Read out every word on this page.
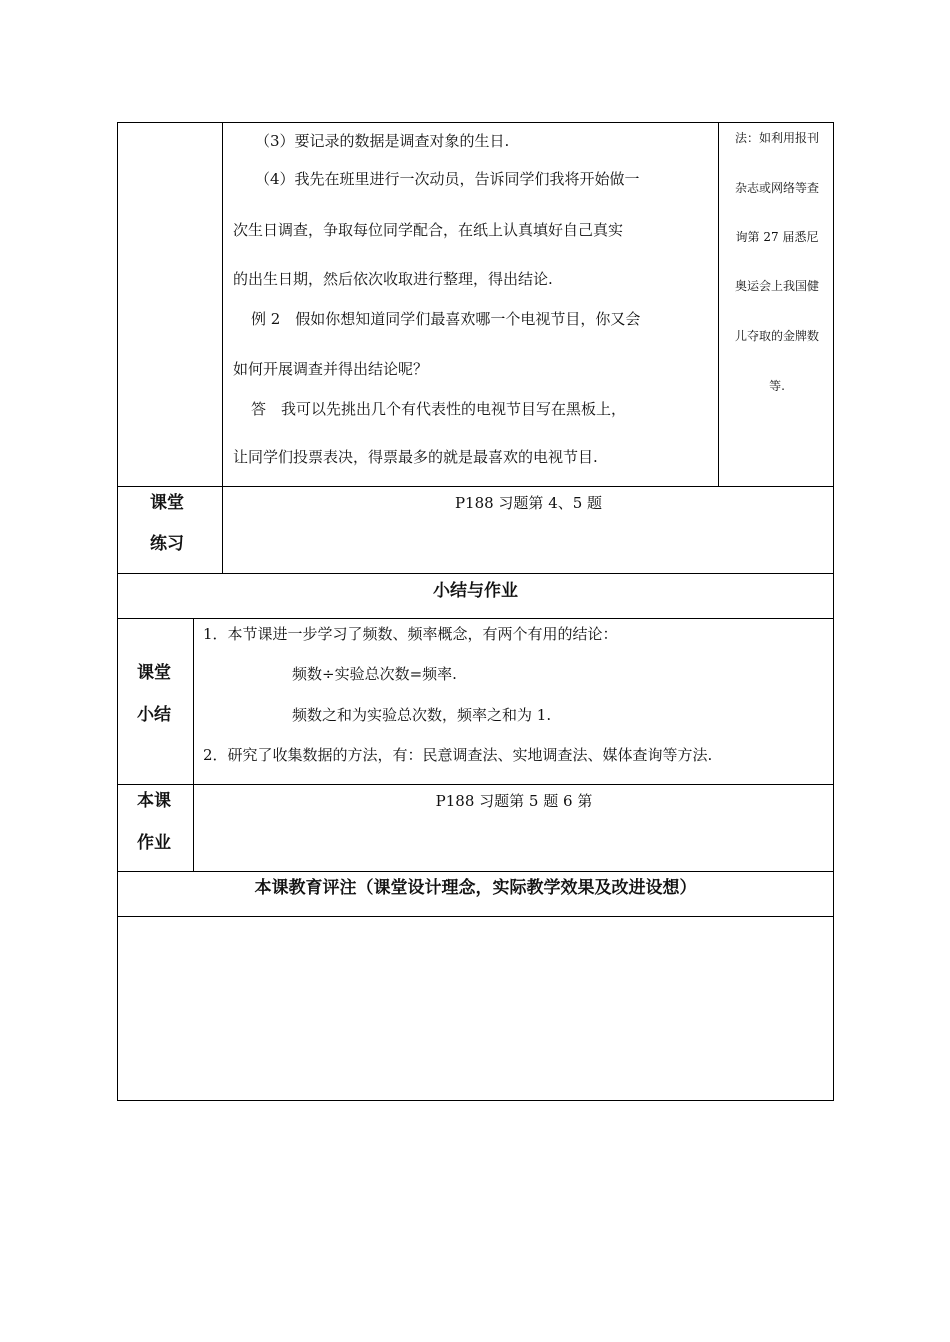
（3）要记录的数据是调查对象的生日.
（4）我先在班里进行一次动员，告诉同学们我将开始做一
次生日调查，争取每位同学配合，在纸上认真填好自己真实
的出生日期，然后依次收取进行整理，得出结论.
例 2　假如你想知道同学们最喜欢哪一个电视节目，你又会
如何开展调查并得出结论呢？
答　我可以先挑出几个有代表性的电视节目写在黑板上，
让同学们投票表决，得票最多的就是最喜欢的电视节目.
法：如利用报刊
杂志或网络等查
询第 27 届悉尼
奥运会上我国健
儿夺取的金牌数
等.
课堂
练习
P188 习题第 4、5 题
小结与作业
课堂
小结
1．本节课进一步学习了频数、频率概念，有两个有用的结论：
频数÷实验总次数=频率.
频数之和为实验总次数，频率之和为 1.
2．研究了收集数据的方法，有：民意调查法、实地调查法、媒体查询等方法.
本课
作业
P188 习题第 5 题 6 第
本课教育评注（课堂设计理念，实际教学效果及改进设想）
